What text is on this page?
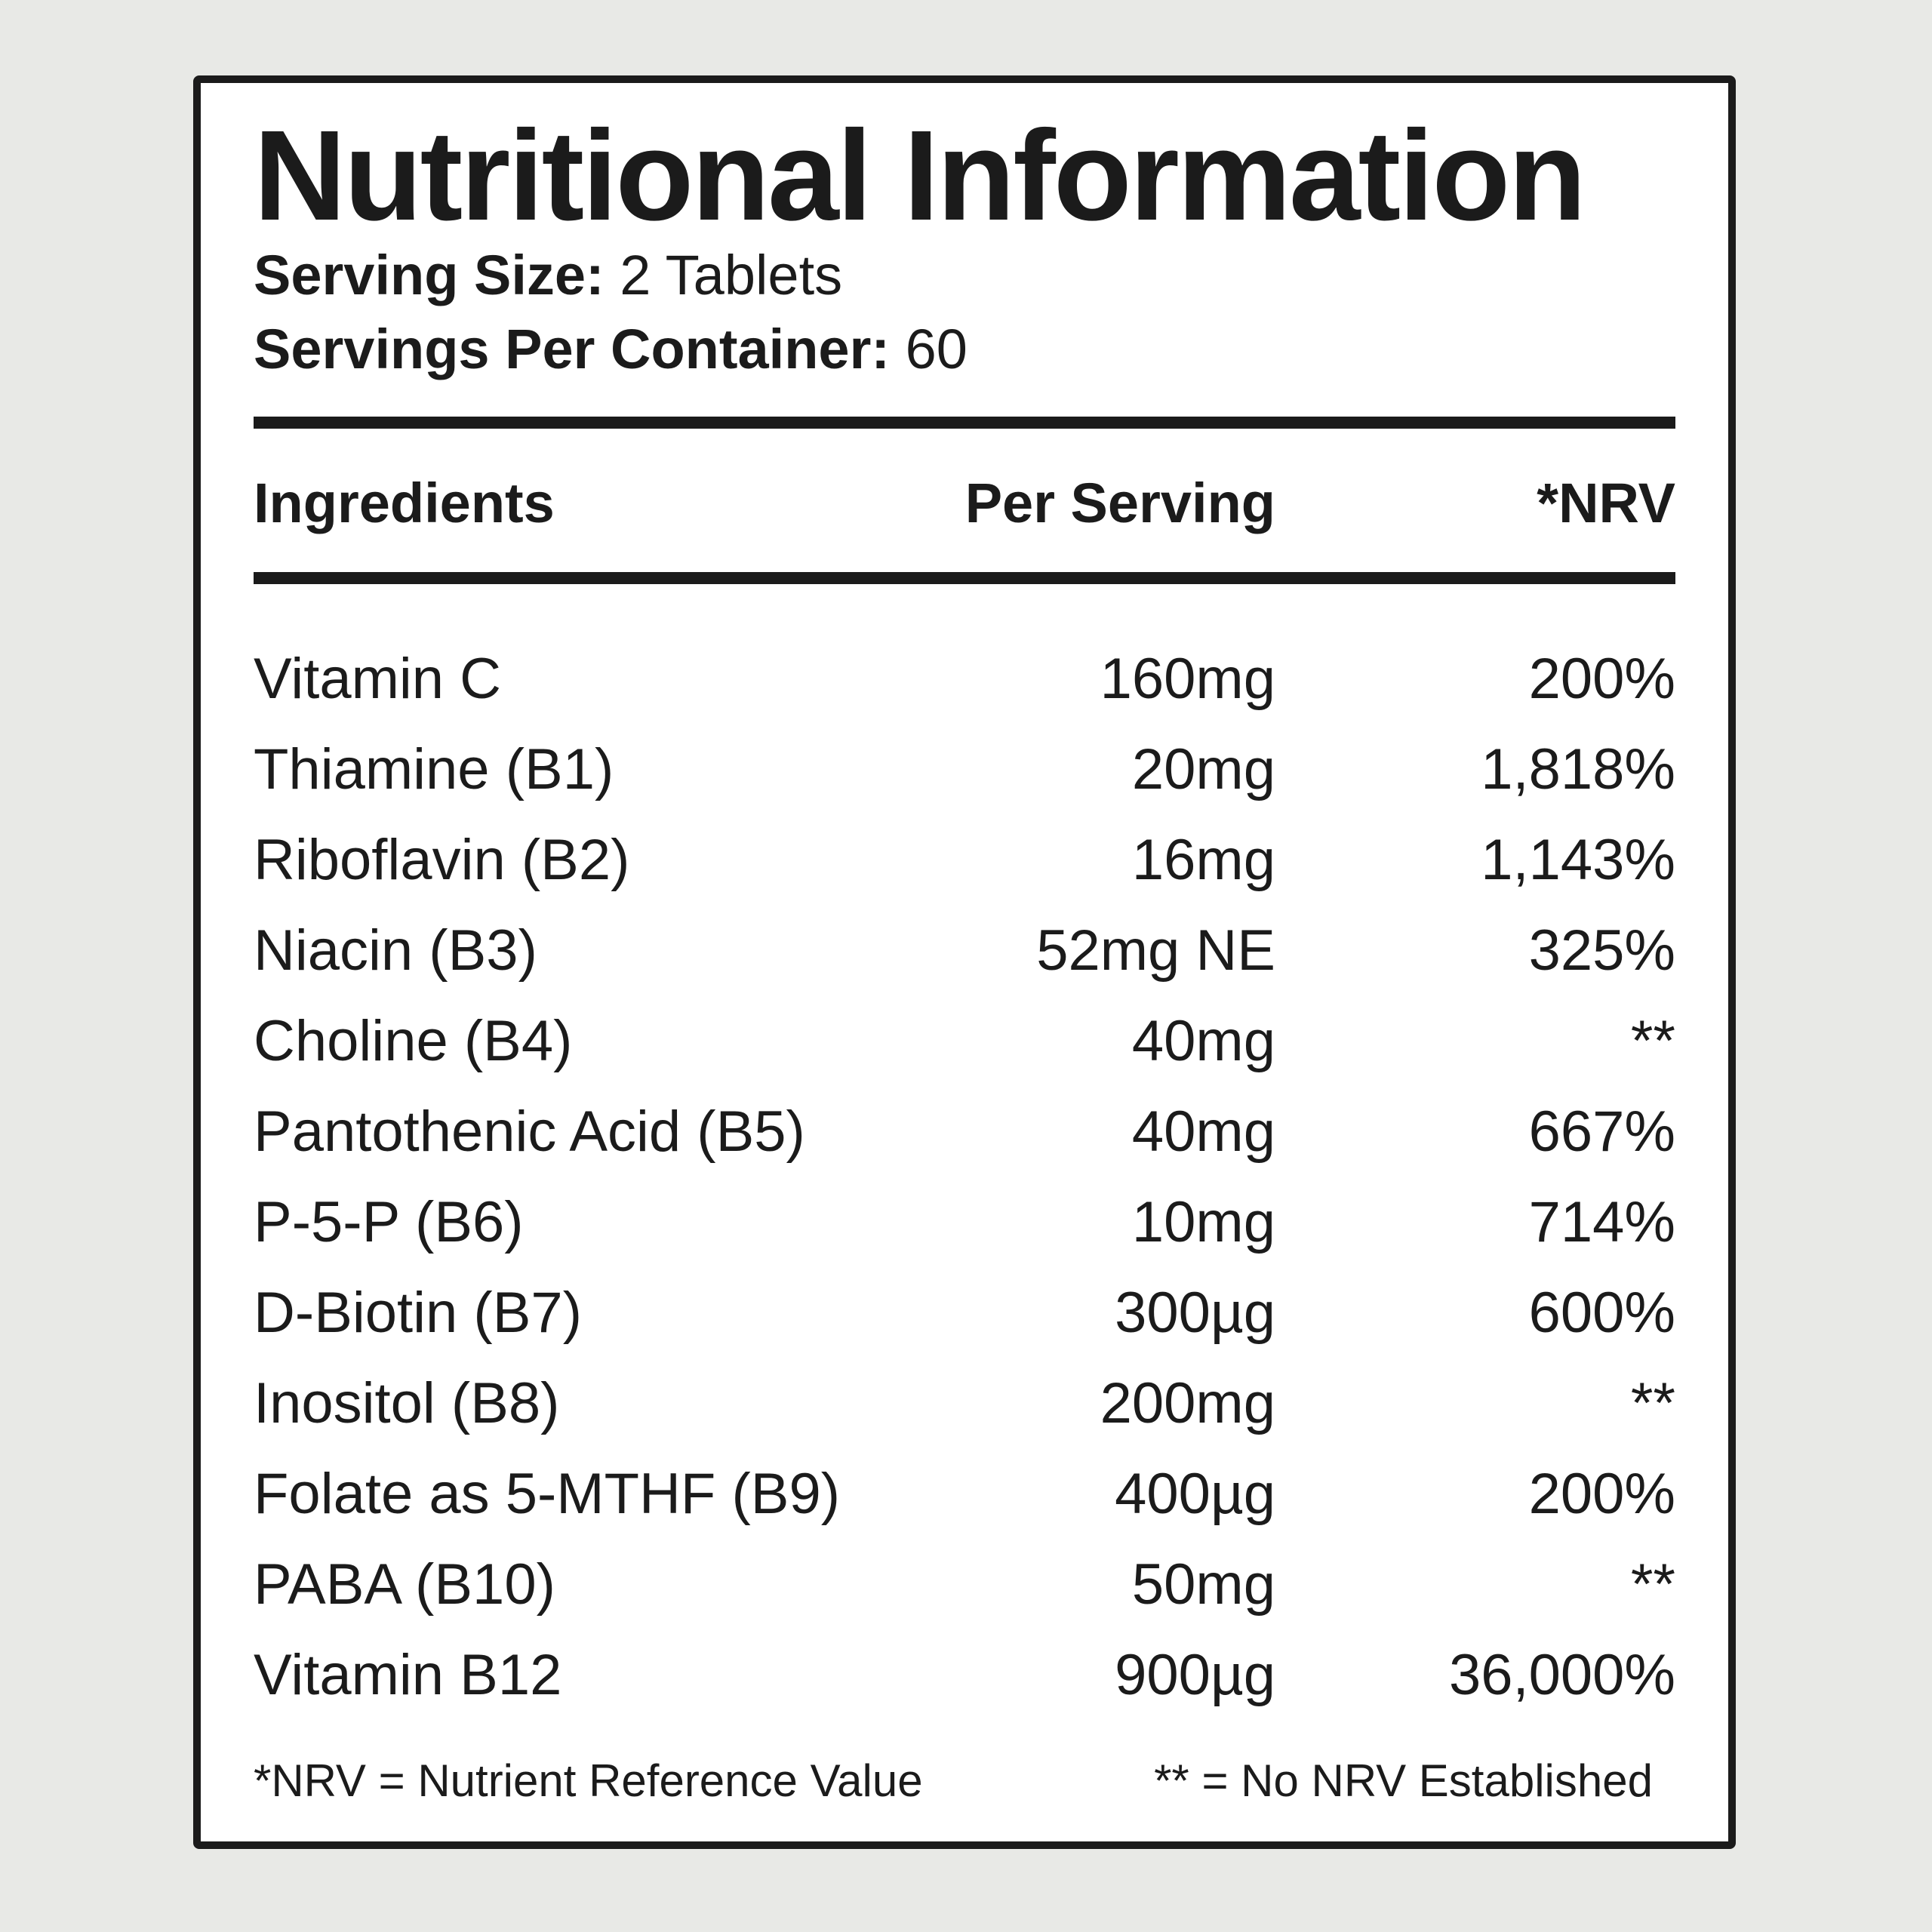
Nutritional Information
Serving Size: 2 Tablets
Servings Per Container: 60
Ingredients	Per Serving	*NRV
Vitamin C	160mg	200%
Thiamine (B1)	20mg	1,818%
Riboflavin (B2)	16mg	1,143%
Niacin (B3)	52mg NE	325%
Choline (B4)	40mg	**
Pantothenic Acid (B5)	40mg	667%
P-5-P (B6)	10mg	714%
D-Biotin (B7)	300µg	600%
Inositol (B8)	200mg	**
Folate as 5-MTHF (B9)	400µg	200%
PABA (B10)	50mg	**
Vitamin B12	900µg	36,000%
*NRV = Nutrient Reference Value	** = No NRV Established
